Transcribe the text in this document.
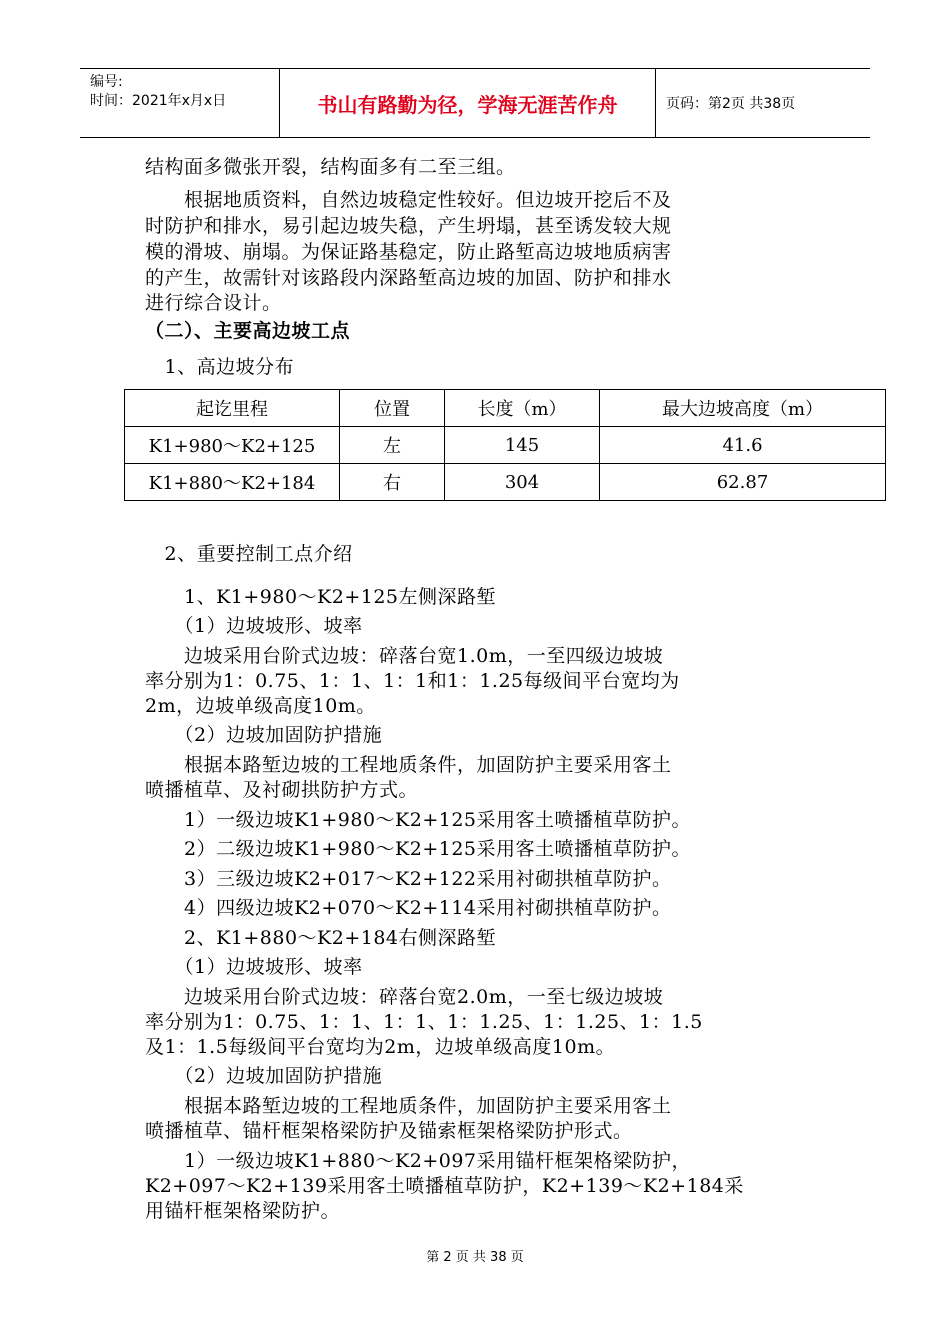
编号:
时间：2021年x月x日	书山有路勤为径，学海无涯苦作舟	页码：第2页 共38页
结构面多微张开裂，结构面多有二至三组。
　　根据地质资料，自然边坡稳定性较好。但边坡开挖后不及
时防护和排水，易引起边坡失稳，产生坍塌，甚至诱发较大规
模的滑坡、崩塌。为保证路基稳定，防止路堑高边坡地质病害
的产生，故需针对该路段内深路堑高边坡的加固、防护和排水
进行综合设计。
（二）、主要高边坡工点
　1、高边坡分布
起讫里程	位置	长度（m）	最大边坡高度（m）
K1+980～K2+125	左	145	41.6
K1+880～K2+184	右	304	62.87
　2、重要控制工点介绍
　　1、K1+980～K2+125左侧深路堑
　　（1）边坡坡形、坡率
　　边坡采用台阶式边坡：碎落台宽1.0m，一至四级边坡坡
率分别为1：0.75、1：1、1：1和1：1.25每级间平台宽均为
2m，边坡单级高度10m。
　　（2）边坡加固防护措施
　　根据本路堑边坡的工程地质条件，加固防护主要采用客土
喷播植草、及衬砌拱防护方式。
　　1）一级边坡K1+980～K2+125采用客土喷播植草防护。
　　2）二级边坡K1+980～K2+125采用客土喷播植草防护。
　　3）三级边坡K2+017～K2+122采用衬砌拱植草防护。
　　4）四级边坡K2+070～K2+114采用衬砌拱植草防护。
　　2、K1+880～K2+184右侧深路堑
　　（1）边坡坡形、坡率
　　边坡采用台阶式边坡：碎落台宽2.0m，一至七级边坡坡
率分别为1：0.75、1：1、1：1、1：1.25、1：1.25、1：1.5
及1：1.5每级间平台宽均为2m，边坡单级高度10m。
　　（2）边坡加固防护措施
　　根据本路堑边坡的工程地质条件，加固防护主要采用客土
喷播植草、锚杆框架格梁防护及锚索框架格梁防护形式。
　　1）一级边坡K1+880～K2+097采用锚杆框架格梁防护，
K2+097～K2+139采用客土喷播植草防护，K2+139～K2+184采
用锚杆框架格梁防护。
第 2 页 共 38 页
